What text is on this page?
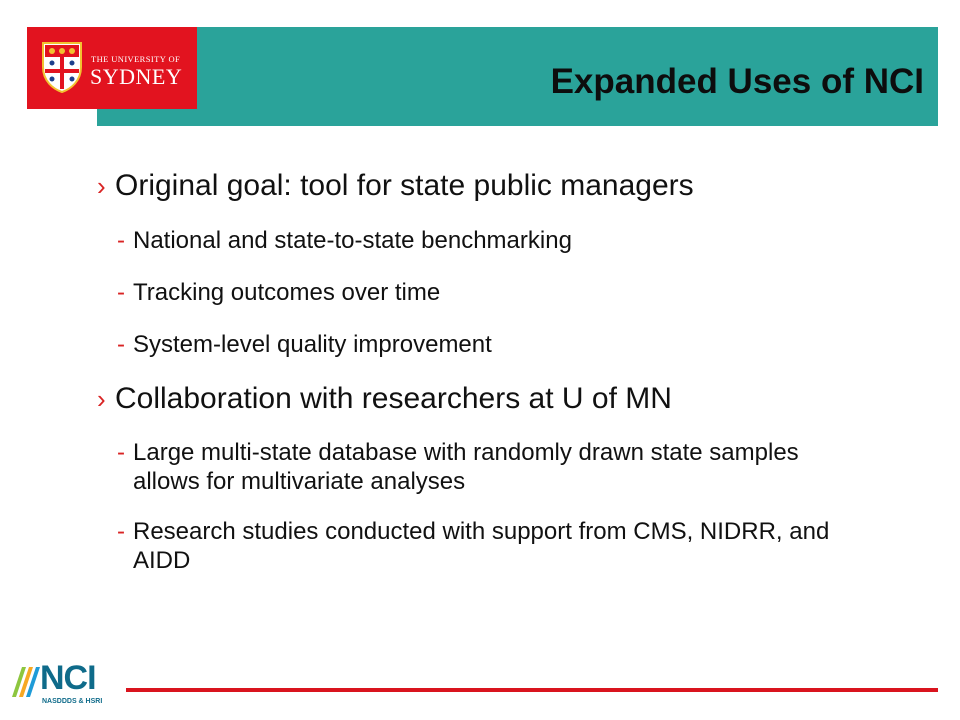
Expanded Uses of NCI
THE UNIVERSITY OF
SYDNEY
› Original goal: tool for state public managers
- National and state-to-state benchmarking
- Tracking outcomes over time
- System-level quality improvement
› Collaboration with researchers at U of MN
- Large multi-state database with randomly drawn state samples allows for multivariate analyses
- Research studies conducted with support from CMS, NIDRR, and AIDD
NCI
NASDDDS & HSRI
